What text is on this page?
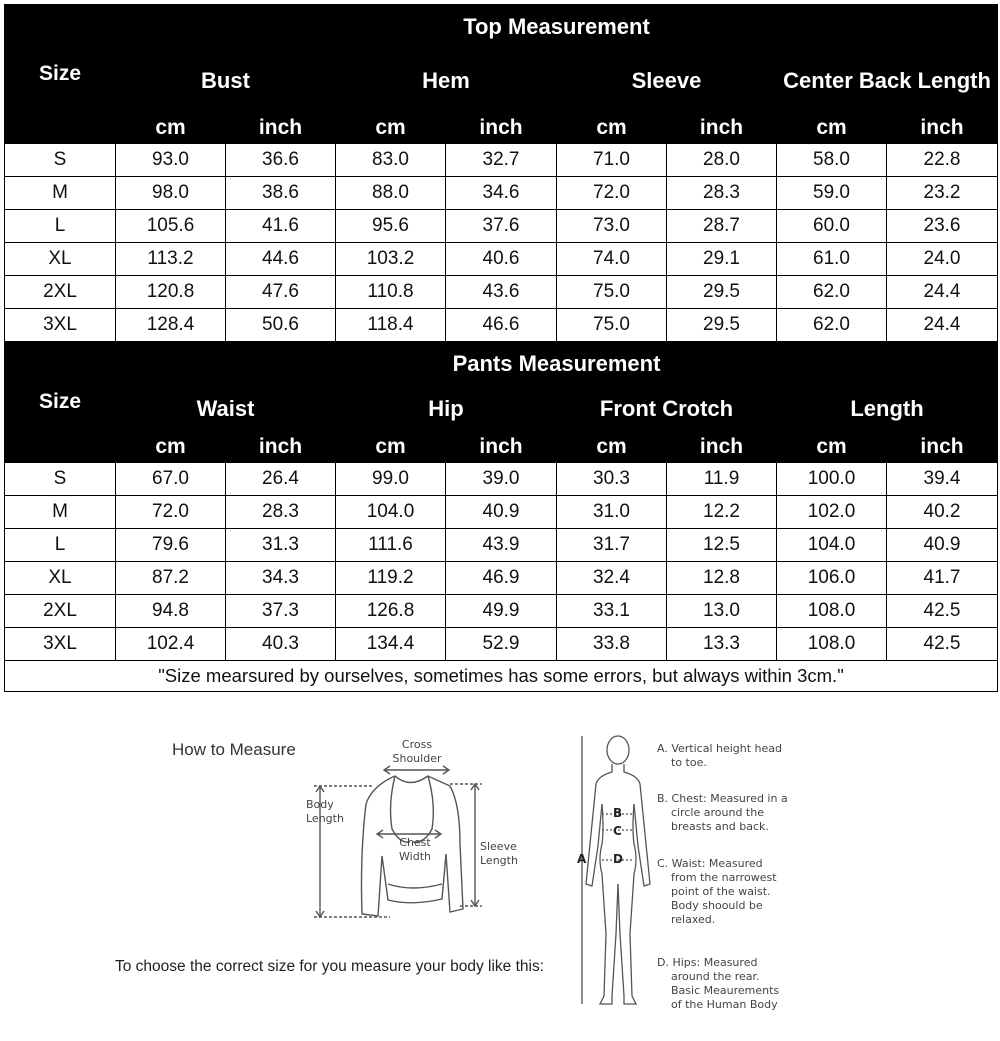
Size	Top Measurement							
	Bust		Hem		Sleeve		Center Back Length	
	cm	inch	cm	inch	cm	inch	cm	inch
S	93.0	36.6	83.0	32.7	71.0	28.0	58.0	22.8
M	98.0	38.6	88.0	34.6	72.0	28.3	59.0	23.2
L	105.6	41.6	95.6	37.6	73.0	28.7	60.0	23.6
XL	113.2	44.6	103.2	40.6	74.0	29.1	61.0	24.0
2XL	120.8	47.6	110.8	43.6	75.0	29.5	62.0	24.4
3XL	128.4	50.6	118.4	46.6	75.0	29.5	62.0	24.4
Size	Pants Measurement							
	Waist		Hip		Front Crotch		Length	
	cm	inch	cm	inch	cm	inch	cm	inch
S	67.0	26.4	99.0	39.0	30.3	11.9	100.0	39.4
M	72.0	28.3	104.0	40.9	31.0	12.2	102.0	40.2
L	79.6	31.3	111.6	43.9	31.7	12.5	104.0	40.9
XL	87.2	34.3	119.2	46.9	32.4	12.8	106.0	41.7
2XL	94.8	37.3	126.8	49.9	33.1	13.0	108.0	42.5
3XL	102.4	40.3	134.4	52.9	33.8	13.3	108.0	42.5
"Size mearsured by ourselves, sometimes has some errors, but always within 3cm."								
How to Measure	Cross
Shoulder
Body
Length
Chest
Width
Sleeve
Length
To choose the correct size for you measure your body like this:
A
B
C
D
A. Vertical height head
to toe.
B. Chest: Measured in a
circle around the
breasts and back.
C. Waist: Measured
from the narrowest
point of the waist.
Body shoould be
relaxed.
D. Hips: Measured
around the rear.
Basic Meaurements
of the Human Body
